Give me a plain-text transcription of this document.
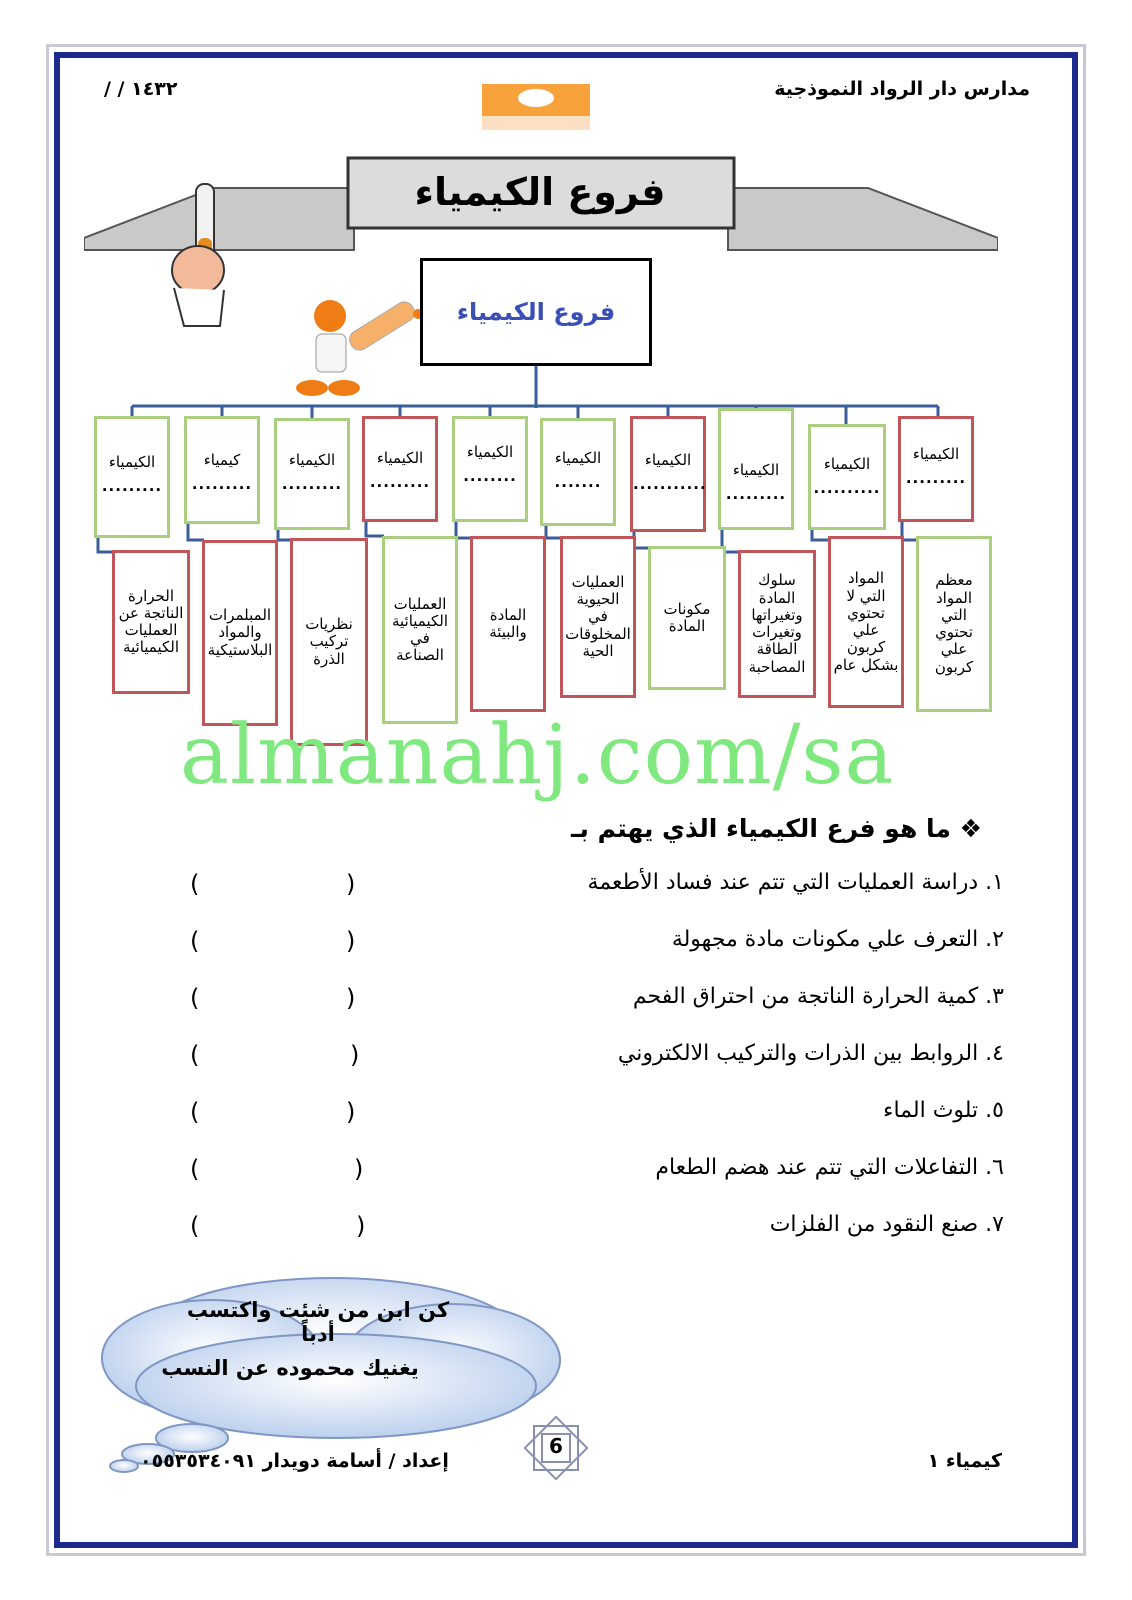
مدارس دار الرواد النموذجية
/ / ١٤٣٢
فروع الكيمياء
فروع الكيمياء
الكيمياء
.........
الكيمياء
..........
الكيمياء
.........
الكيمياء
...........
الكيمياء
.......
الكيمياء
........
الكيمياء
.........
الكيمياء
.........
كيمياء
.........
الكيمياء
.........
معظم المواد التي تحتوي علي كربون
المواد التي لا تحتوي علي كربون بشكل عام
سلوك المادة وتغيراتها وتغيرات الطاقة المصاحبة
مكونات المادة
العمليات الحيوية في المخلوقات الحية
المادة والبيئة
العمليات الكيميائية في الصناعة
نظريات تركيب الذرة
المبلمرات والمواد البلاستيكية
الحرارة الناتجة عن العمليات الكيميائية
almanahj.com/sa
❖ ما هو فرع الكيمياء الذي يهتم بـ
١. دراسة العمليات التي تتم عند فساد الأطعمة
٢. التعرف علي مكونات مادة مجهولة
٣. كمية الحرارة الناتجة من احتراق الفحم
٤. الروابط بين الذرات والتركيب الالكتروني
٥. تلوث الماء
٦. التفاعلات التي تتم عند هضم الطعام
٧. صنع النقود من الفلزات
(	)
(	)
(	)
(	)
(	)
(	)
(	)
كن ابن من شئت واكتسب أدباً
يغنيك محموده عن النسب
6
كيمياء ١
إعداد / أسامة دويدار ٠٥٥٣٥٣٤٠٩١
